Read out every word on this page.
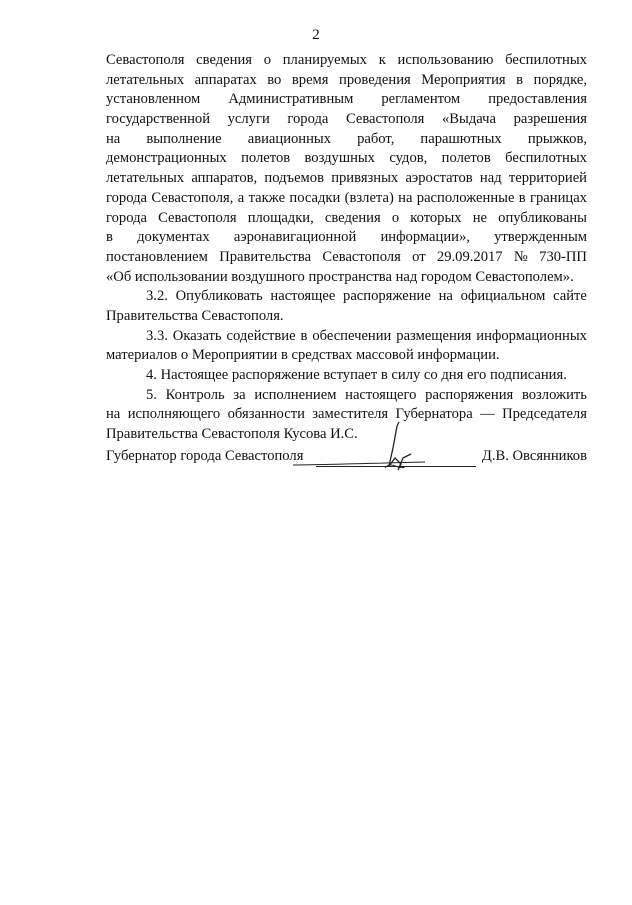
2
Севастополя сведения о планируемых к использованию беспилотных
летательных аппаратах во время проведения Мероприятия в порядке,
установленном Административным регламентом предоставления
государственной услуги города Севастополя «Выдача разрешения
на выполнение авиационных работ, парашютных прыжков,
демонстрационных полетов воздушных судов, полетов беспилотных
летательных аппаратов, подъемов привязных аэростатов над территорией
города Севастополя, а также посадки (взлета) на расположенные в границах
города Севастополя площадки, сведения о которых не опубликованы
в документах аэронавигационной информации», утвержденным
постановлением Правительства Севастополя от 29.09.2017 № 730-ПП
«Об использовании воздушного пространства над городом Севастополем».
3.2. Опубликовать настоящее распоряжение на официальном сайте
Правительства Севастополя.
3.3. Оказать содействие в обеспечении размещения информационных
материалов о Мероприятии в средствах массовой информации.
4. Настоящее распоряжение вступает в силу со дня его подписания.
5. Контроль за исполнением настоящего распоряжения возложить
на исполняющего обязанности заместителя Губернатора — Председателя
Правительства Севастополя Кусова И.С.
Губернатор города Севастополя	Д.В. Овсянников
